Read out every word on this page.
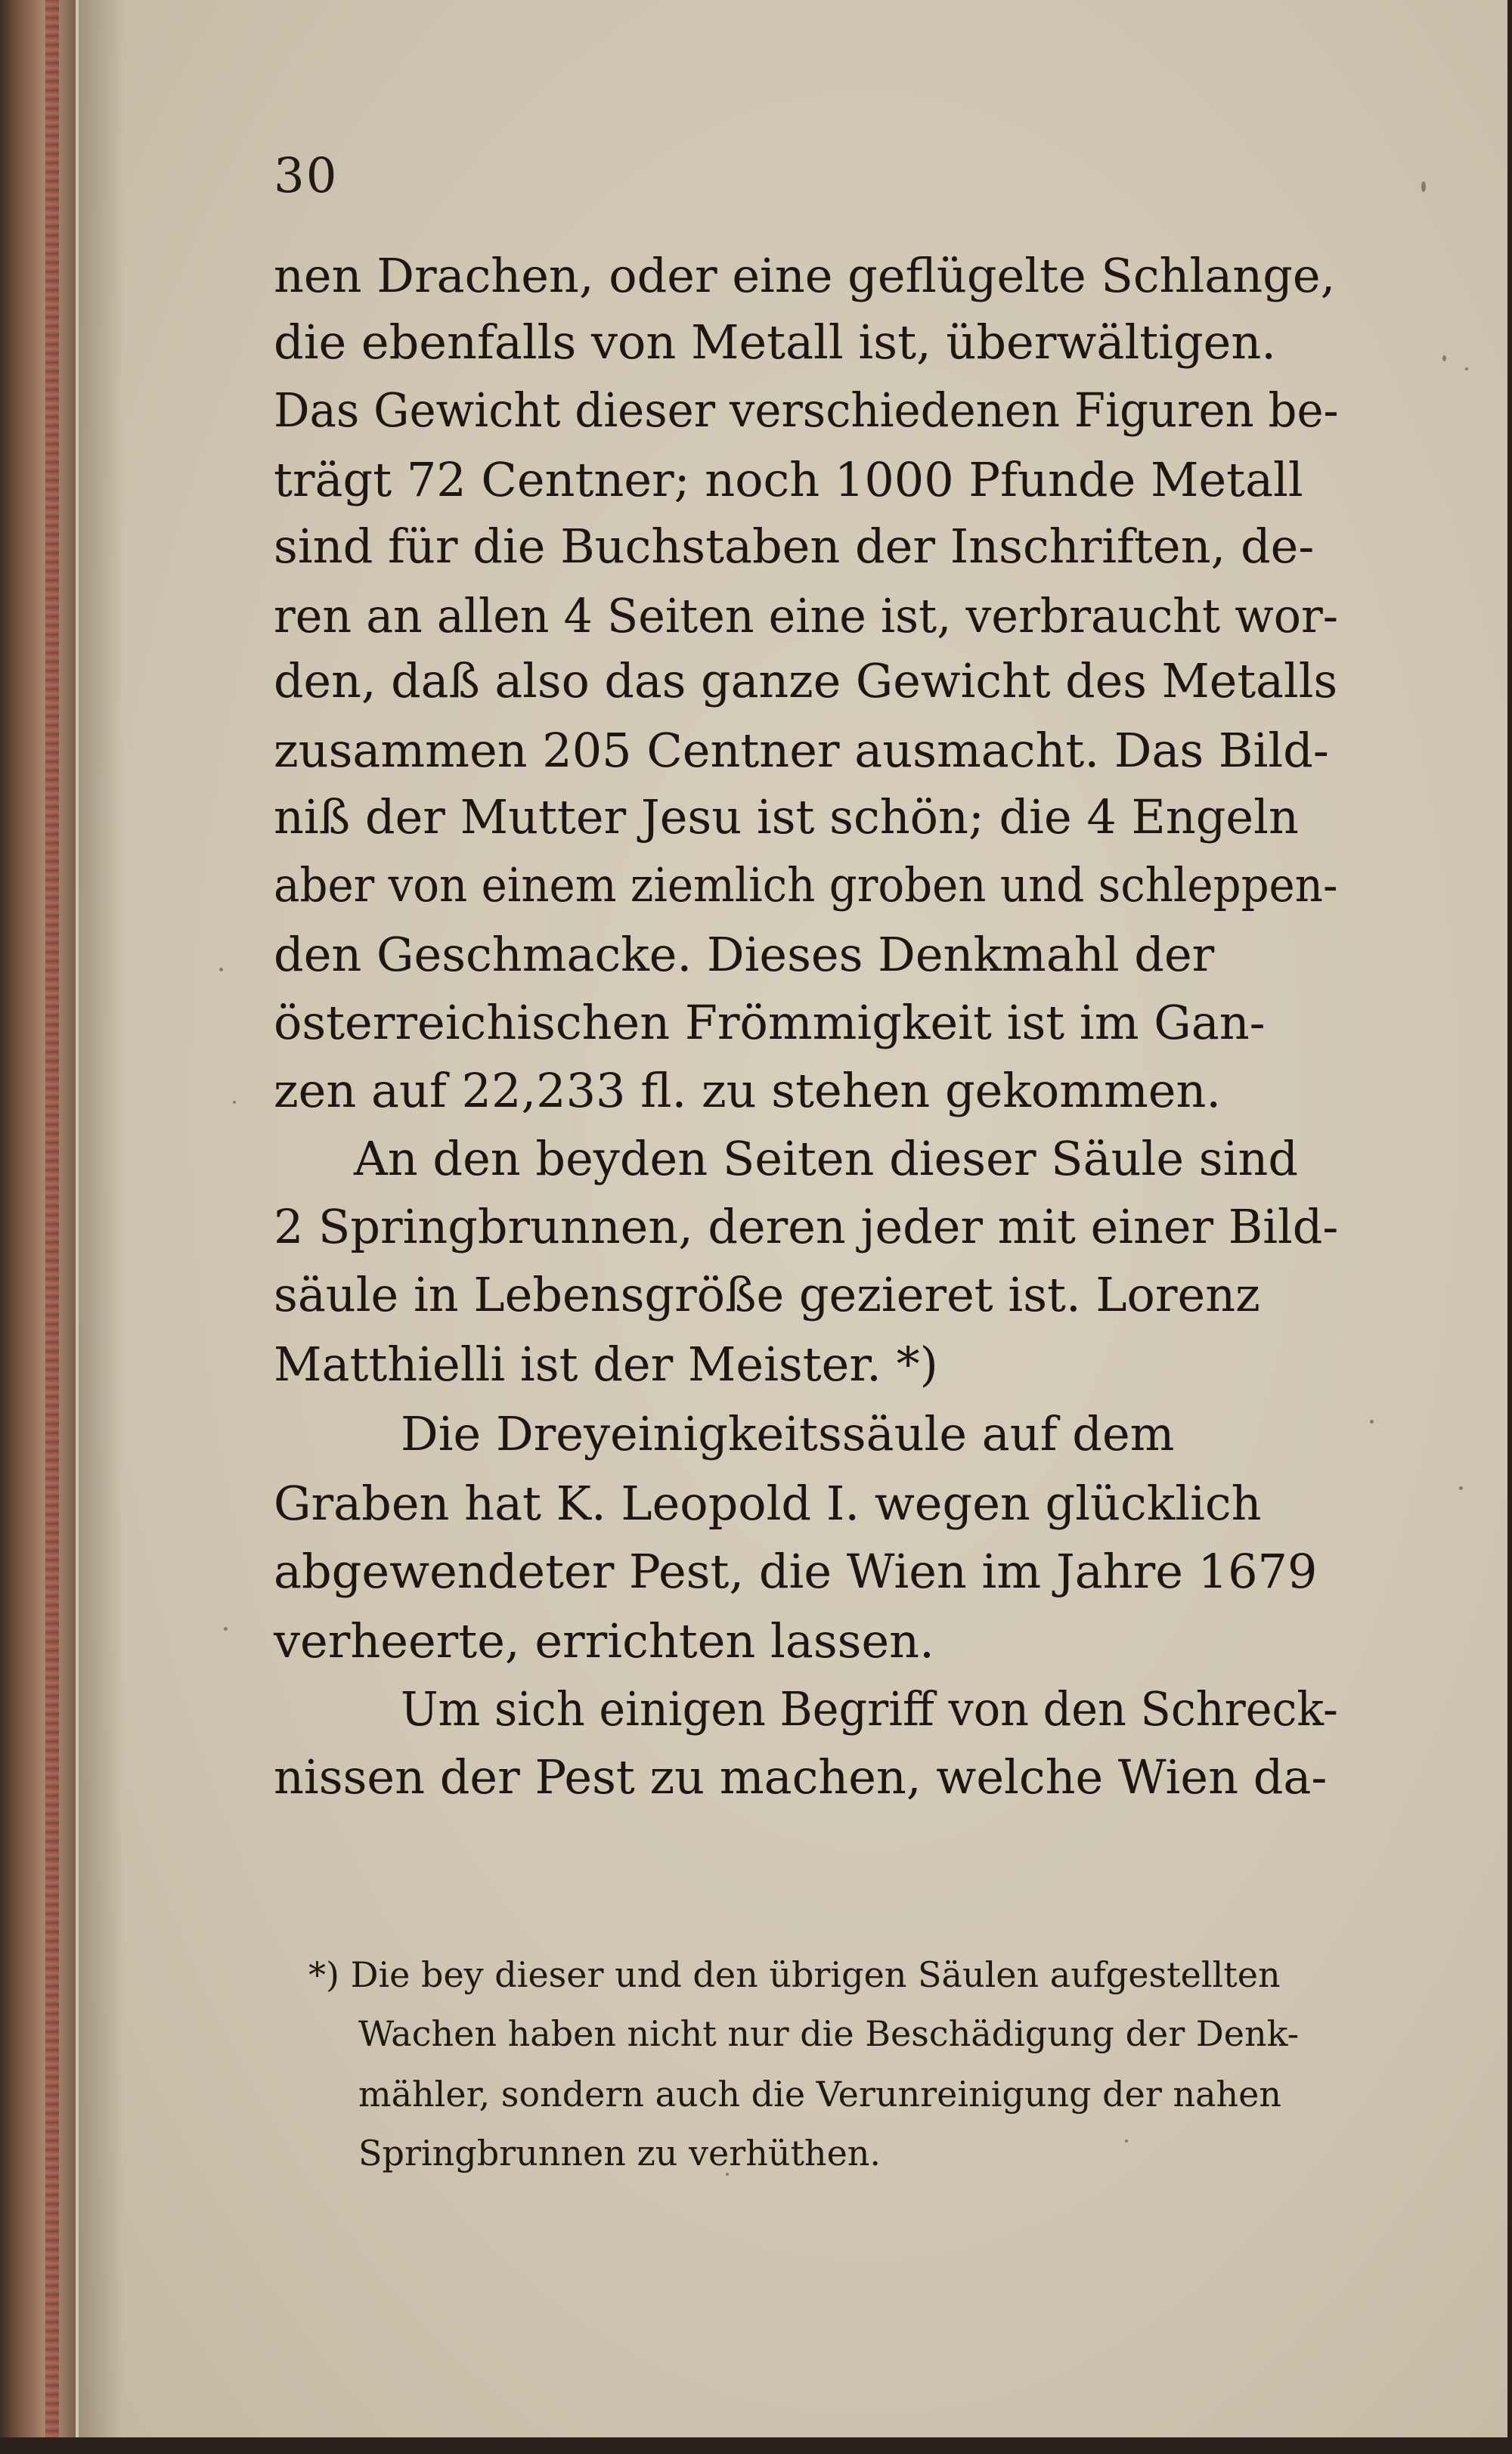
30
nen Drachen, oder eine geflügelte Schlange,
die ebenfalls von Metall ist, überwältigen.
Das Gewicht dieser verschiedenen Figuren be-
trägt 72 Centner; noch 1000 Pfunde Metall
sind für die Buchstaben der Inschriften, de-
ren an allen 4 Seiten eine ist, verbraucht wor-
den, daß also das ganze Gewicht des Metalls
zusammen 205 Centner ausmacht. Das Bild-
niß der Mutter Jesu ist schön; die 4 Engeln
aber von einem ziemlich groben und schleppen-
den Geschmacke. Dieses Denkmahl der
österreichischen Frömmigkeit ist im Gan-
zen auf 22,233 fl. zu stehen gekommen.
An den beyden Seiten dieser Säule sind
2 Springbrunnen, deren jeder mit einer Bild-
säule in Lebensgröße gezieret ist. Lorenz
Matthielli ist der Meister. *)
Die Dreyeinigkeitssäule auf dem
Graben hat K. Leopold I. wegen glücklich
abgewendeter Pest, die Wien im Jahre 1679
verheerte, errichten lassen.
Um sich einigen Begriff von den Schreck-
nissen der Pest zu machen, welche Wien da-
*) Die bey dieser und den übrigen Säulen aufgestellten
Wachen haben nicht nur die Beschädigung der Denk-
mähler, sondern auch die Verunreinigung der nahen
Springbrunnen zu verhüthen.
